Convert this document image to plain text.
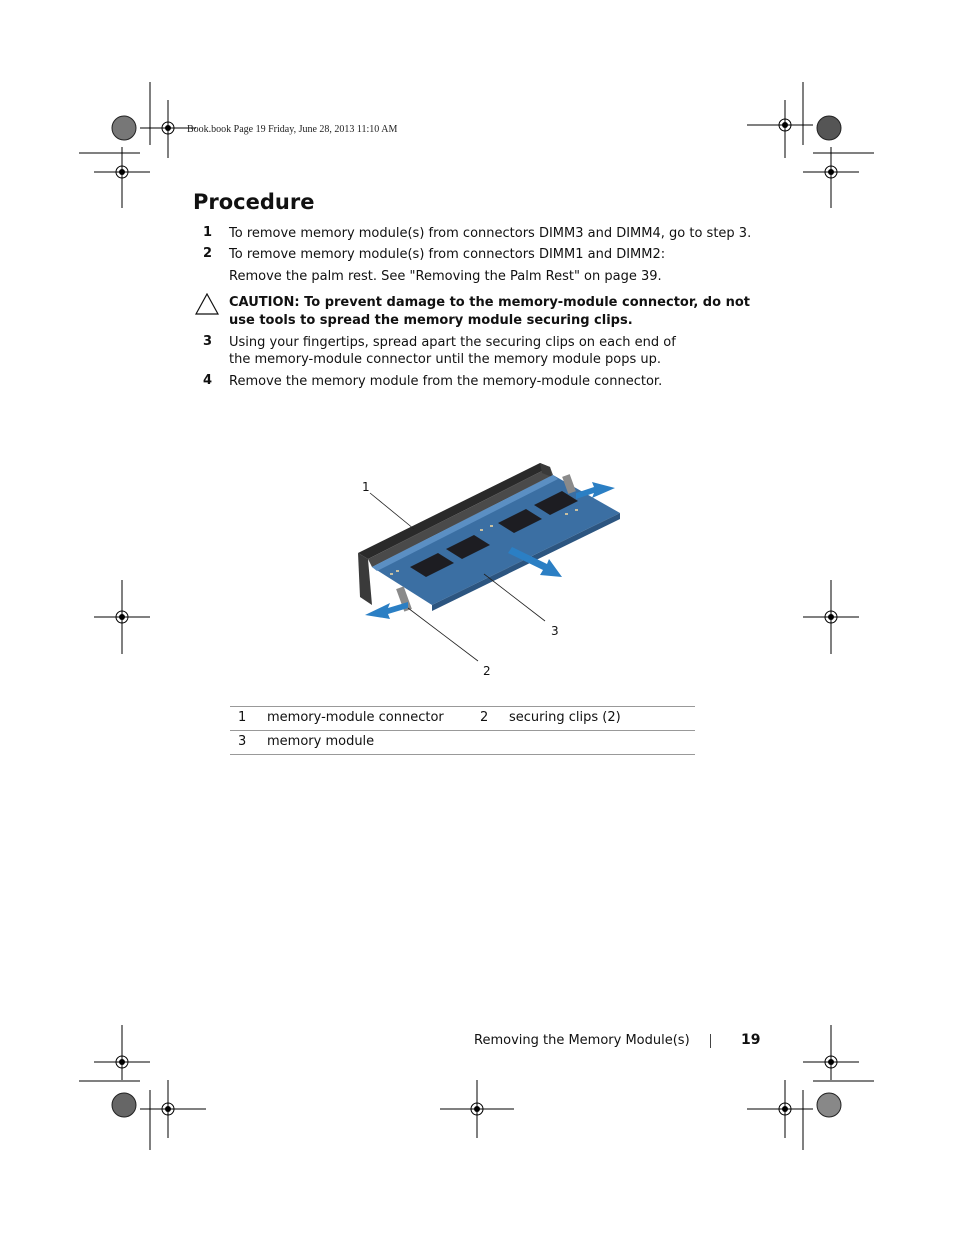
Book.book Page 19 Friday, June 28, 2013 11:10 AM
Procedure
1 To remove memory module(s) from connectors DIMM3 and DIMM4, go to step 3.
2 To remove memory module(s) from connectors DIMM1 and DIMM2:
Remove the palm rest. See "Removing the Palm Rest" on page 39.
CAUTION: To prevent damage to the memory-module connector, do not use tools to spread the memory module securing clips.
3 Using your fingertips, spread apart the securing clips on each end of the memory-module connector until the memory module pops up.
4 Remove the memory module from the memory-module connector.
1
3
2
1	memory-module connector	2	securing clips (2)
3	memory module		
Removing the Memory Module(s)	19
